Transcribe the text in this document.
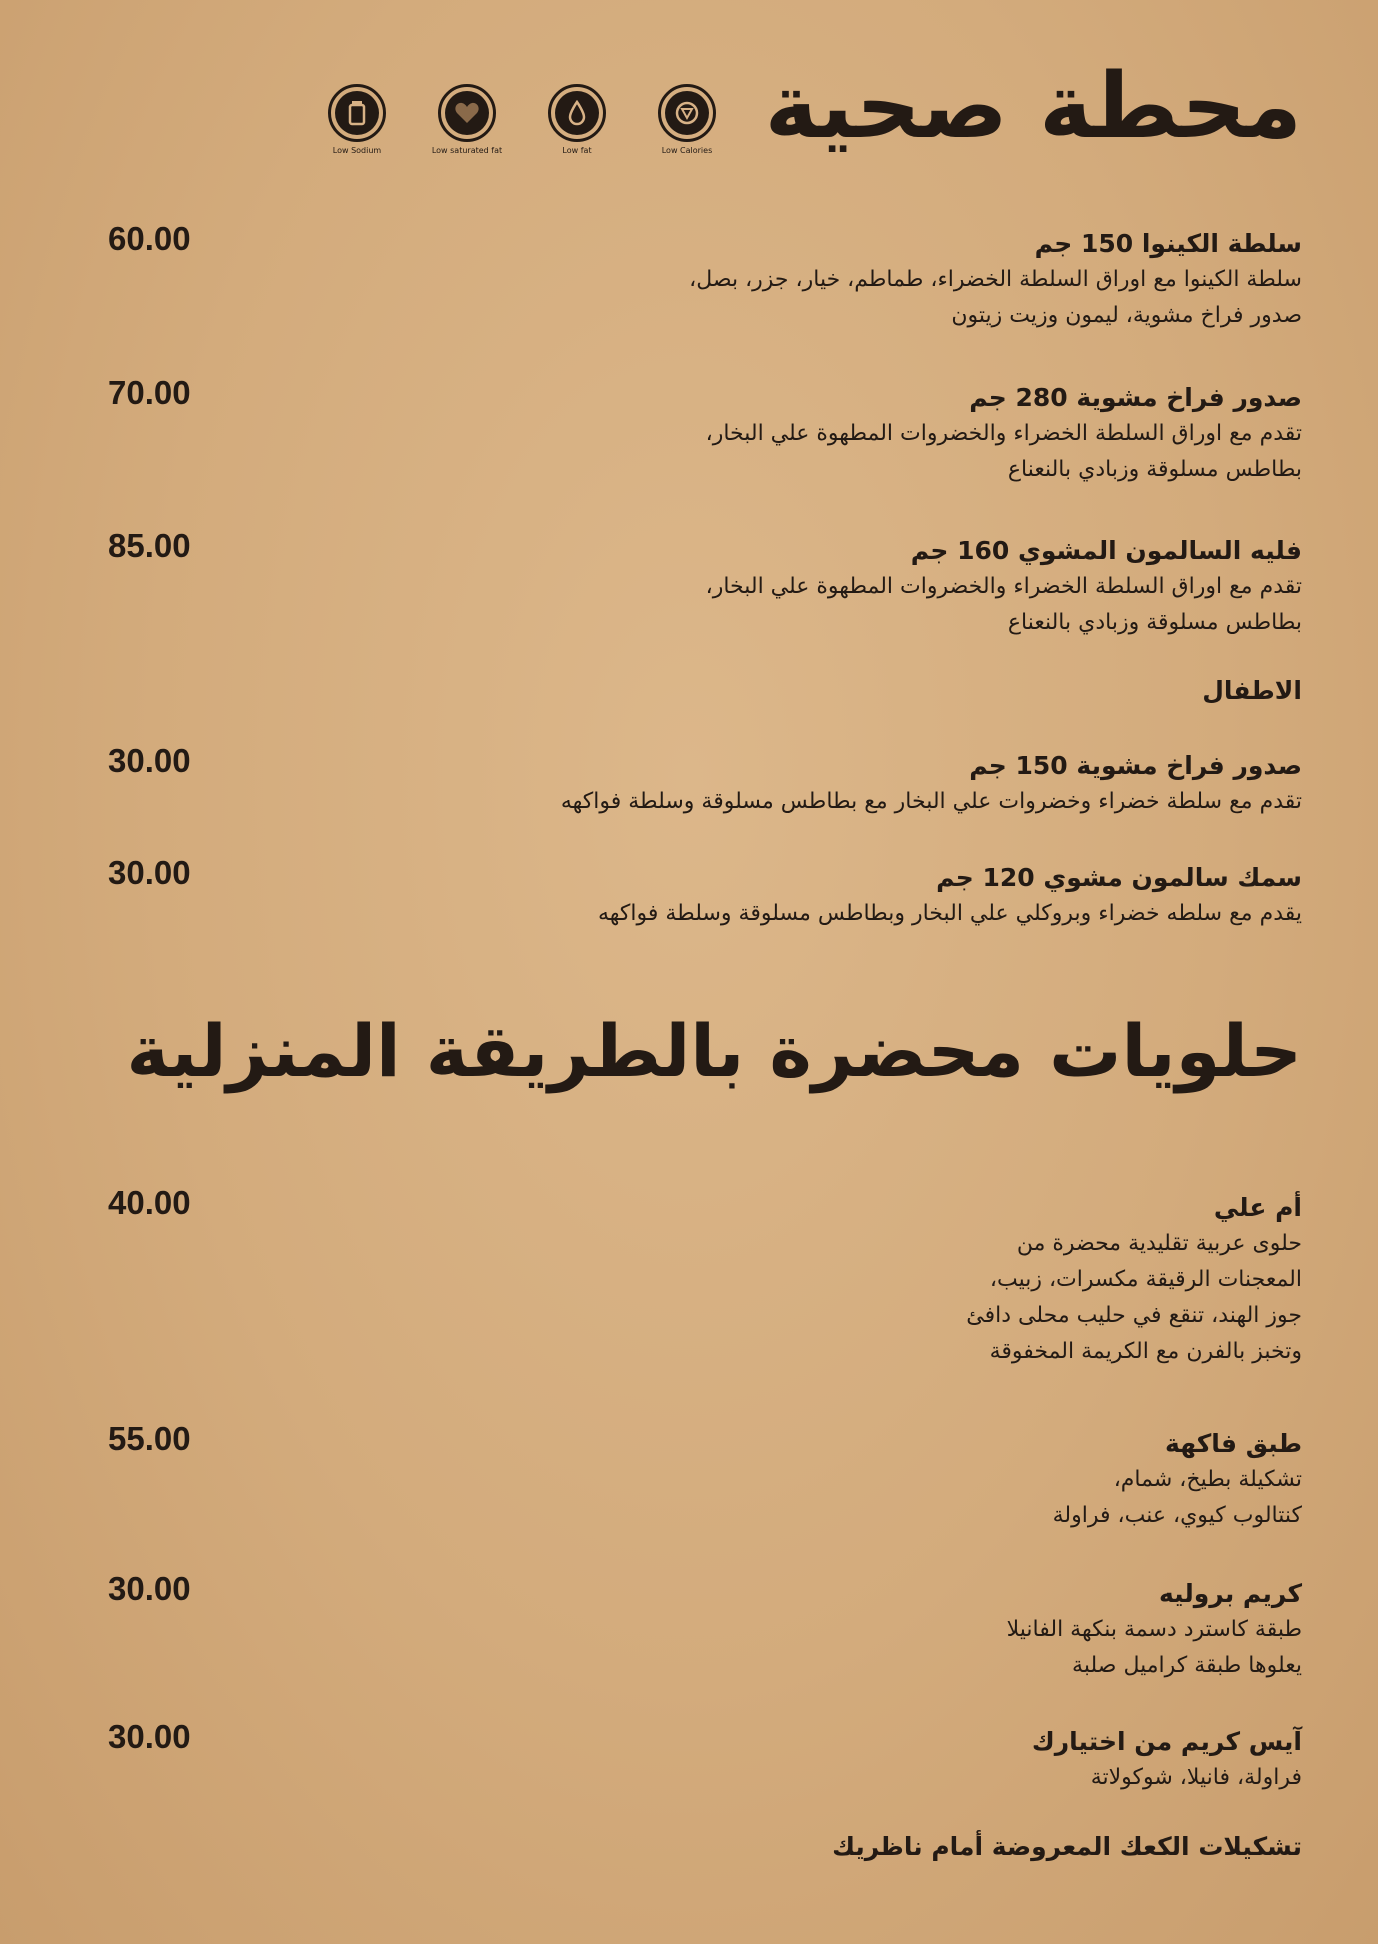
محطة صحية
Low Sodium	Low saturated fat	Low fat	Low Calories
60.00	سلطة الكينوا 150 جم
سلطة الكينوا مع اوراق السلطة الخضراء، طماطم، خيار، جزر، بصل،
صدور فراخ مشوية، ليمون وزيت زيتون
70.00	صدور فراخ مشوية 280 جم
تقدم مع اوراق السلطة الخضراء والخضروات المطهوة علي البخار،
بطاطس مسلوقة وزبادي بالنعناع
85.00	فليه السالمون المشوي 160 جم
تقدم مع اوراق السلطة الخضراء والخضروات المطهوة علي البخار،
بطاطس مسلوقة وزبادي بالنعناع
الاطفال
30.00	صدور فراخ مشوية 150 جم
تقدم مع سلطة خضراء وخضروات علي البخار مع بطاطس مسلوقة وسلطة فواكهه
30.00	سمك سالمون مشوي 120 جم
يقدم مع سلطه خضراء وبروكلي علي البخار وبطاطس مسلوقة وسلطة فواكهه
حلويات محضرة بالطريقة المنزلية
40.00	أم علي
حلوى عربية تقليدية محضرة من
المعجنات الرقيقة مكسرات، زبيب،
جوز الهند، تنقع في حليب محلى دافئ
وتخبز بالفرن مع الكريمة المخفوقة
55.00	طبق فاكهة
تشكيلة بطيخ، شمام،
كنتالوب كيوي، عنب، فراولة
30.00	كريم بروليه
طبقة كاسترد دسمة بنكهة الفانيلا
يعلوها طبقة كراميل صلبة
30.00	آيس كريم من اختيارك
فراولة، فانيلا، شوكولاتة
تشكيلات الكعك المعروضة أمام ناظريك
